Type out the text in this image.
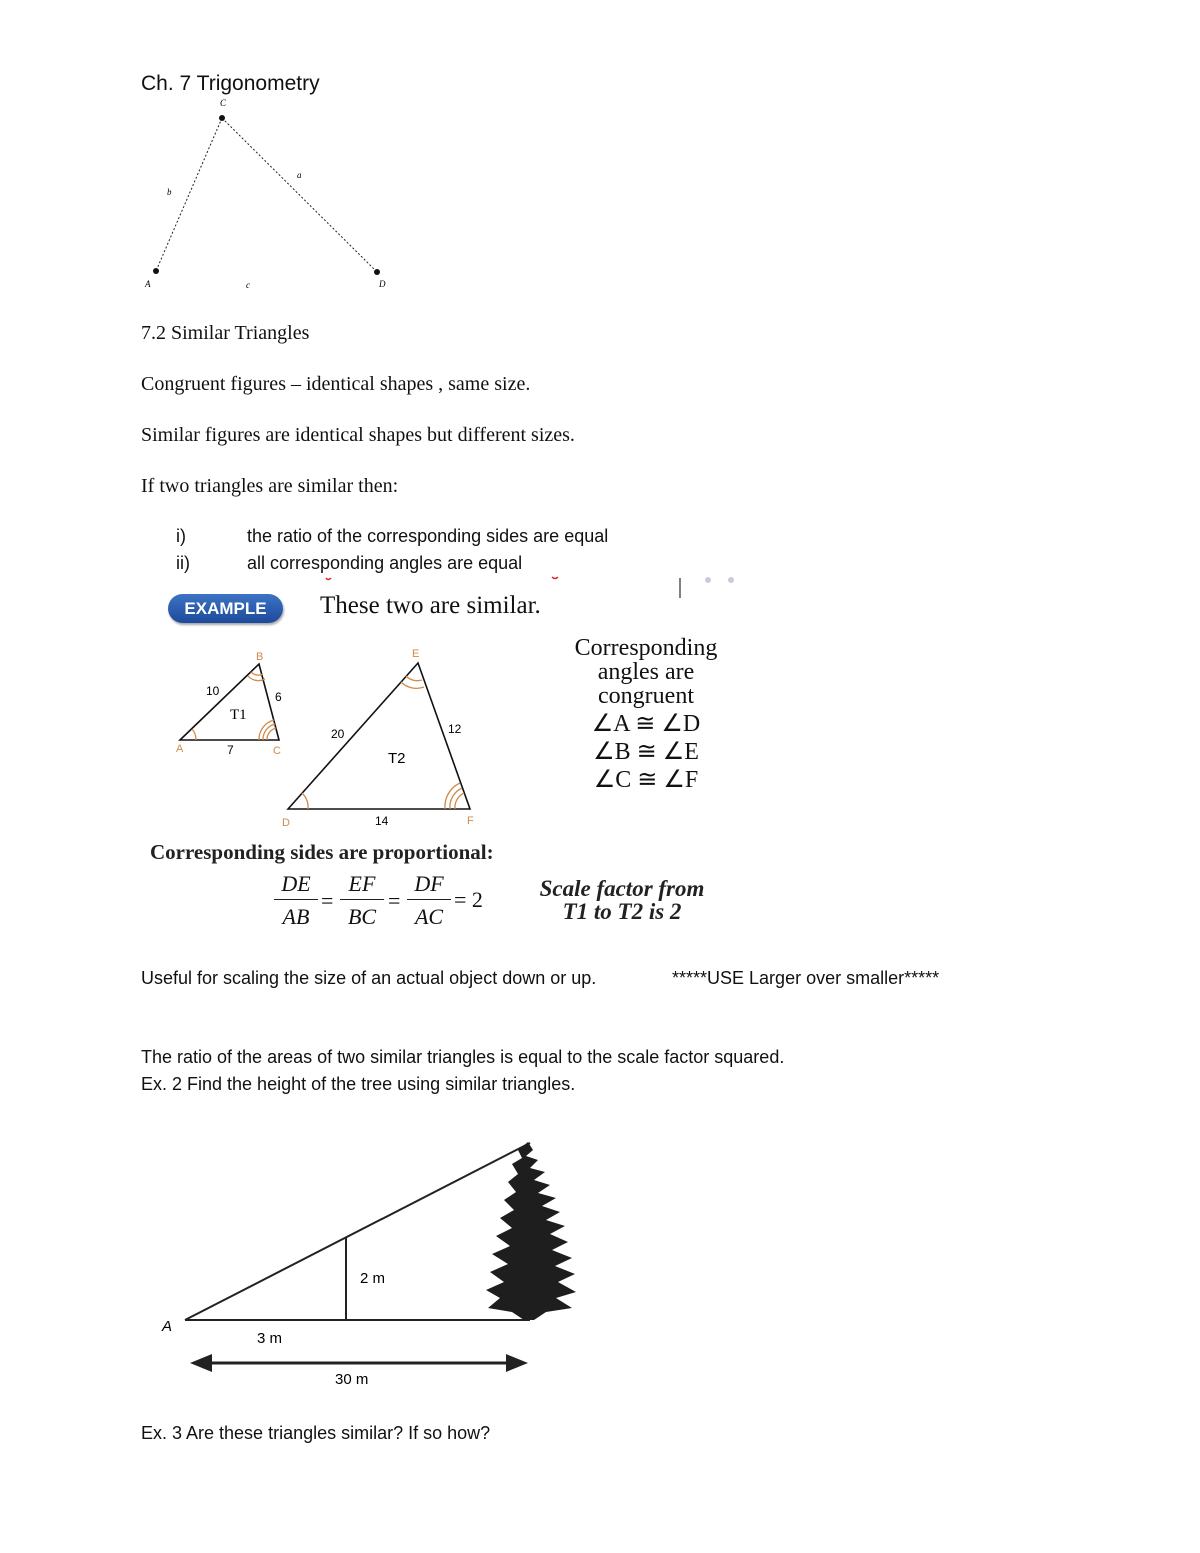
Ch. 7 Trigonometry
C
A	D
a
b
c
7.2 Similar Triangles
Congruent figures – identical shapes , same size.
Similar figures are identical shapes but different sizes.
If two triangles are similar then:
i)	the ratio of the corresponding sides are equal
ii)	all corresponding angles are equal
EXAMPLE	These two are similar.
B
A	C
10	6
7
T1
E
D	F
20	12
14
T2
Corresponding
angles are
congruent
∠A ≅ ∠D
∠B ≅ ∠E
∠C ≅ ∠F
Corresponding sides are proportional:
$\frac{DE}{AB} = \frac{EF}{BC} = \frac{DF}{AC} = 2$	Scale factor from
T1 to T2 is 2
Useful for scaling the size of an actual object down or up.	*****USE Larger over smaller*****
The ratio of the areas of two similar triangles is equal to the scale factor squared.
Ex. 2 Find the height of the tree using similar triangles.
A
2 m
3 m
30 m
Ex. 3 Are these triangles similar? If so how?
